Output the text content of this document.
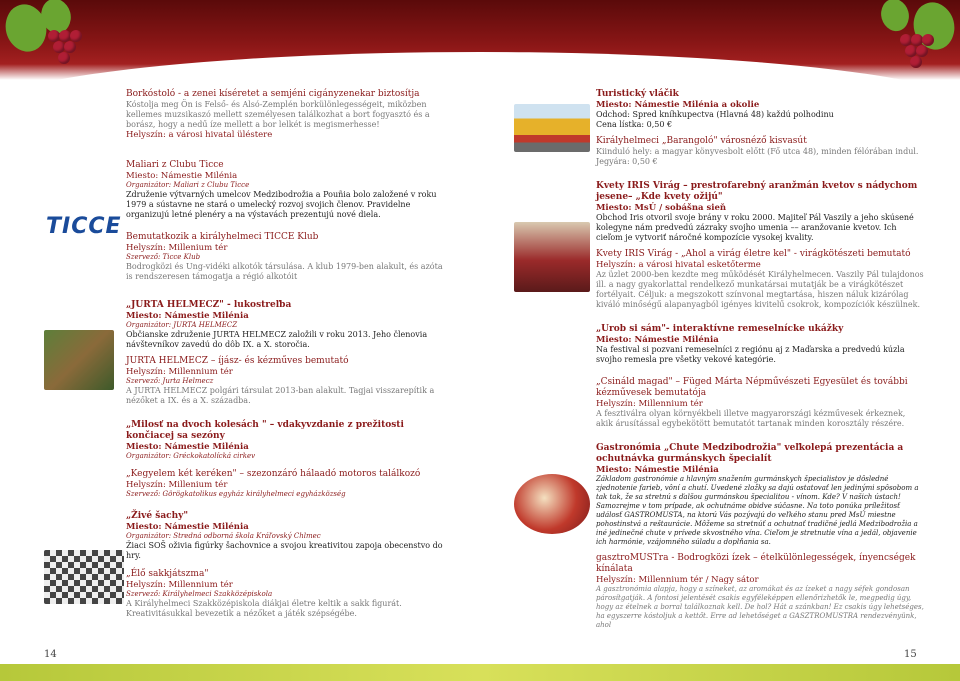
TICCE

Borkóstoló - a zenei kíséretet a semjéni cigányzenekar biztosítja

Kóstolja meg Ön is Felső- és Alsó-Zemplén borkülönlegességeit, miközben kellemes muzsikaszó mellett személyesen találkozhat a bort fogyasztó és a borász, hogy a nedű íze mellett a bor lelkét is megismerhesse!

Helyszín: a városi hivatal üléstere

Maliari z Clubu Ticce

Miesto: Námestie Milénia

Organizátor: Maliari z Clubu Ticce

Združenie výtvarných umelcov Medzibodrožia a Pouñia bolo založené v roku 1979 a sústavne ne stará o umelecký rozvoj svojich členov. Pravidelne organizujú letné plenéry a na výstavách prezentujú nové diela.

Bemutatkozik a királyhelmeci TICCE Klub

Helyszín: Millenium tér

Szervező: Ticce Klub

Bodrogközi és Ung-vidéki alkotók társulása. A klub 1979-ben alakult, és azóta is rendszeresen támogatja a régió alkotóit

„JURTA HELMECZ" - lukostreľba

Miesto: Námestie Milénia

Organizátor: JURTA HELMECZ

Občianske združenie JURTA HELMECZ založili v roku 2013. Jeho členovia návštevníkov zavedú do dôb IX. a X. storočia.

JURTA HELMECZ – íjász- és kézműves bemutató

Helyszín: Millennium tér

Szervező: Jurta Helmecz

A JURTA HELMECZ polgári társulat 2013-ban alakult. Tagjai visszarepítik a nézőket a IX. és a X. századba.

„Milosť na dvoch kolesách " – vdakyvzdanie z prežitosti končiacej sa sezóny

Miesto: Námestie Milénia

Organizátor: Gréckokatolícká cirkev

„Kegyelem két keréken" – szezonzáró hálaadó motoros találkozó

Helyszín: Millenium tér

Szervező: Görögkatolikus egyház királyhelmeci egyházközség

„Živé šachy"

Miesto: Námestie Milénia

Organizátor: Stredná odborná škola Kráľovský Chlmec

Žiaci SOŠ oživia figúrky šachovnice a svojou kreativitou zapoja obecenstvo do hry.

„Élő sakkjátszma"

Helyszín: Millennium tér

Szervező: Királyhelmeci Szakközépiskola

A Királyhelmeci Szakközépiskola diákjai életre keltik a sakk figurát. Kreativitásukkal bevezetik a nézőket a játék szépségébe.

Turistický vláčik

Miesto: Námestie Milénia a okolie

Odchod: Spred kníhkupectva (Hlavná 48) každú polhodinu

Cena lístka: 0,50 €

Királyhelmeci „Barangoló" városnéző kisvasút

Kiinduló hely: a magyar könyvesbolt előtt (Fő utca 48), minden félórában indul.

Jegyára: 0,50 €

Kvety IRIS Virág – prestrofarebný aranžmán kvetov s nádychom jesene– „Kde kvety ožijú"

Miesto: MsÚ / sobášna sieň

Obchod Iris otvoril svoje brány v roku 2000. Majiteľ Pál Vaszily a jeho skúsené kolegyne nám predvedú zázraky svojho umenia –– aranžovanie kvetov. Ich cieľom je vytvoriť náročné kompozície vysokej kvality.

Kvety IRIS Virág - „Ahol a virág életre kel" - virágkötészeti bemutató

Helyszín: a városi hivatal esketőterme

Az üzlet 2000-ben kezdte meg működését Királyhelmecen. Vaszily Pál tulajdonos ill. a nagy gyakorlattal rendelkező munkatársai mutatják be a virágkötészet fortélyait. Céljuk: a megszokott színvonal megtartása, hiszen náluk kizárólag kiváló minőségű alapanyagból igényes kivitelű csokrok, kompozíciók készülnek.

„Urob si sám"- interaktívne remeselnícke ukážky

Miesto: Námestie Milénia

Na festival si pozvani remeselníci z regiónu aj z Maďarska a predvedú kúzla svojho remesla pre všetky vekové kategórie.

„Csináld magad" – Füged Márta Népművészeti Egyesület és további kézművesek bemutatója

Helyszín: Millennium tér

A fesztiválra olyan környékbeli illetve magyarországi kézművesek érkeznek, akik árusítással egybekötött bemutatót tartanak minden korosztály részére.

Gastronómia „Chute Medzibodrožia" veľkolepá prezentácia a ochutnávka gurmánskych špecialít

Miesto: Námestie Milénia

Základom gastronómie a hlavným snažením gurmánskych špecialistov je dôsledné zjednotenie farieb, vôní a chutí. Uvedené zložky sa dajú ostatovať len jedinými spôsobom a tak tak, že sa stretnú s ďalšou gurmánskou špecialitou - vínom. Kde? V našich ústach! Samozrejme v tom prípade, ak ochutnáme obidve súčasne. Na toto ponúka príležitosť událosť GASTROMUSTA, na ktorú Vás pozývajú do veľkého stanu pred MsÚ miestne pohostinstvá a reštaurácie. Môžeme sa stretnúť a ochutnať tradičné jedlá Medzibodrožia a iné jedinečné chute v prívede skvostného vína. Cieľom je stretnutie vína a jedál, objavenie ich harmónie, vzájomného súladu a doplňania sa.

gasztroMUSTra - Bodrogközi ízek – ételkülönlegességek, ínyencségek kínálata

Helyszín: Millennium tér / Nagy sátor

A gasztronómia alapja, hogy a színeket, az aromákat és az ízeket a nagy séfek gondosan párosítgatják. A fontosi jelentését csakis egyféleképpen ellenőrizhetők le, megpedig úgy, hogy az ételnek a borral találkoznak kell. De hol? Hát a szánkban! Ez csakis úgy lehetséges, ha egyszerre kóstoljuk a kettőt. Erre ad lehetőséget a GASZTROMUSTRA rendezvényünk, ahol

14	15
